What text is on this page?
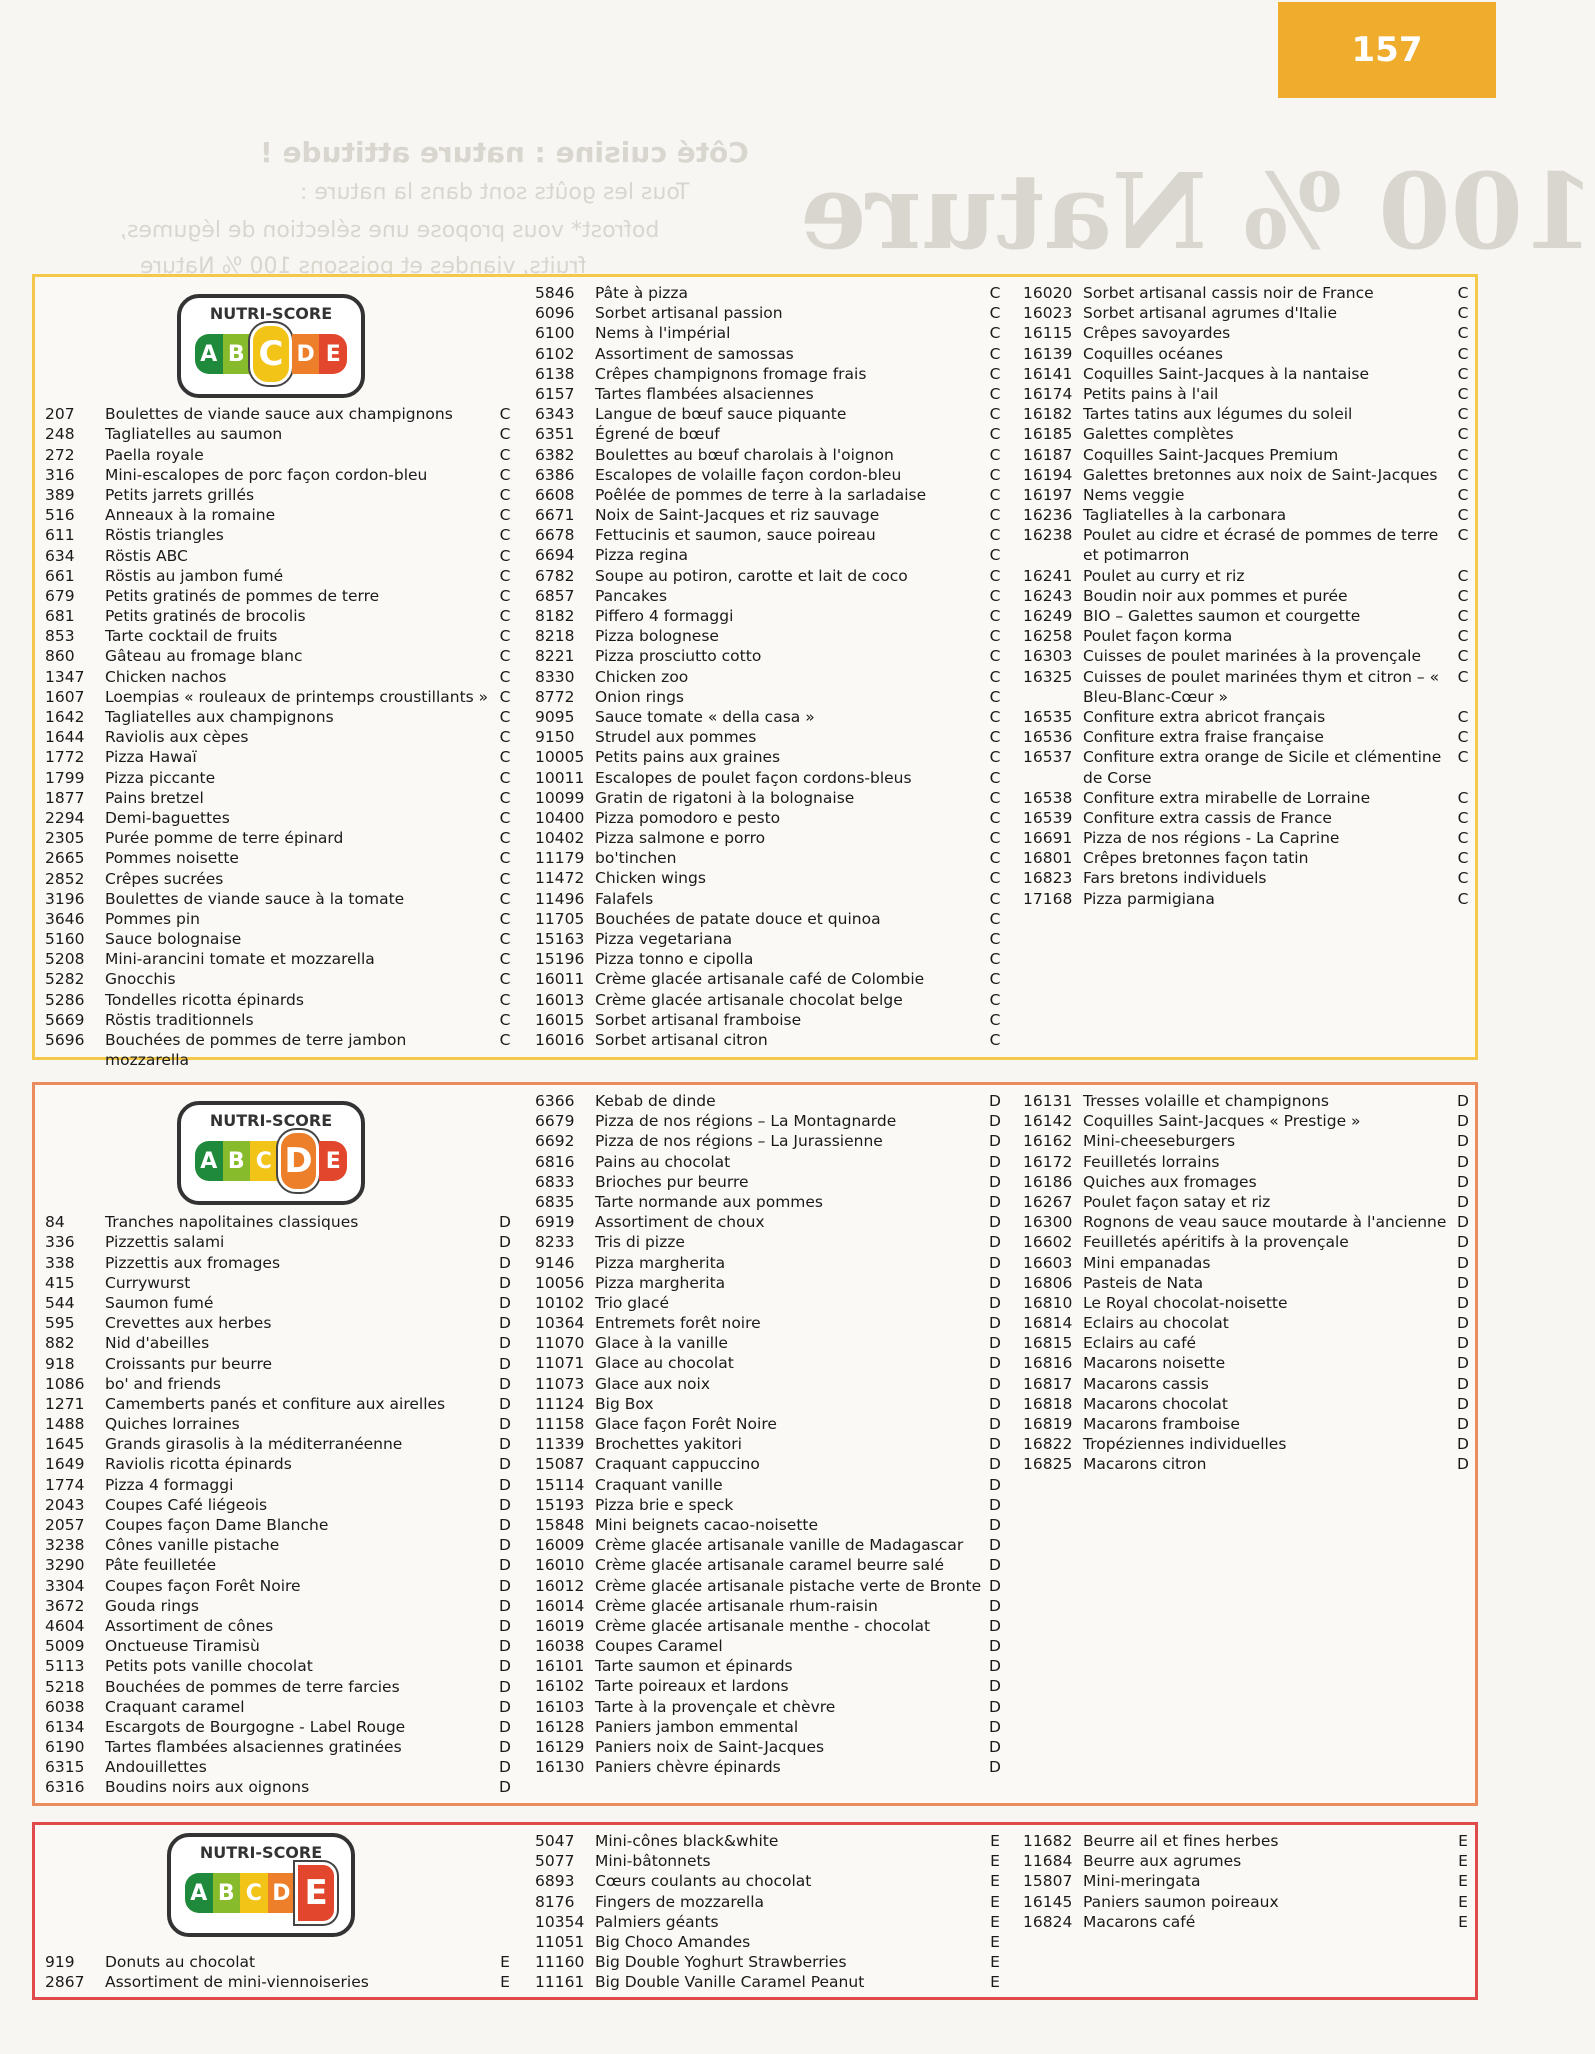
157
100 % Nature
Côté cuisine : nature attitude !
Tous les goûts sont dans la nature :
bofrost* vous propose une sélection de légumes,
fruits, viandes et poissons 100 % Nature
NUTRI-SCORE
A B C D E
207	Boulettes de viande sauce aux champignons	C
248	Tagliatelles au saumon	C
272	Paella royale	C
316	Mini-escalopes de porc façon cordon-bleu	C
389	Petits jarrets grillés	C
516	Anneaux à la romaine	C
611	Röstis triangles	C
634	Röstis ABC	C
661	Röstis au jambon fumé	C
679	Petits gratinés de pommes de terre	C
681	Petits gratinés de brocolis	C
853	Tarte cocktail de fruits	C
860	Gâteau au fromage blanc	C
1347	Chicken nachos	C
1607	Loempias « rouleaux de printemps croustillants » C
1642	Tagliatelles aux champignons	C
1644	Raviolis aux cèpes	C
1772	Pizza Hawaï	C
1799	Pizza piccante	C
1877	Pains bretzel	C
2294	Demi-baguettes	C
2305	Purée pomme de terre épinard	C
2665	Pommes noisette	C
2852	Crêpes sucrées	C
3196	Boulettes de viande sauce à la tomate	C
3646	Pommes pin	C
5160	Sauce bolognaise	C
5208	Mini-arancini tomate et mozzarella	C
5282	Gnocchis	C
5286	Tondelles ricotta épinards	C
5669	Röstis traditionnels	C
5696	Bouchées de pommes de terre jambon mozzarella
C
5846	Pâte à pizza	C
6096	Sorbet artisanal passion	C
6100	Nems à l'impérial	C
6102	Assortiment de samossas	C
6138	Crêpes champignons fromage frais	C
6157	Tartes flambées alsaciennes	C
6343	Langue de bœuf sauce piquante	C
6351	Égrené de bœuf	C
6382	Boulettes au bœuf charolais à l'oignon	C
6386	Escalopes de volaille façon cordon-bleu	C
6608	Poêlée de pommes de terre à la sarladaise	C
6671	Noix de Saint-Jacques et riz sauvage	C
6678	Fettucinis et saumon, sauce poireau	C
6694	Pizza regina	C
6782	Soupe au potiron, carotte et lait de coco	C
6857	Pancakes	C
8182	Piffero 4 formaggi	C
8218	Pizza bolognese	C
8221	Pizza prosciutto cotto	C
8330	Chicken zoo	C
8772	Onion rings	C
9095	Sauce tomate « della casa »	C
9150	Strudel aux pommes	C
10005 Petits pains aux graines	C
10011 Escalopes de poulet façon cordons-bleus	C
10099 Gratin de rigatoni à la bolognaise	C
10400 Pizza pomodoro e pesto	C
10402 Pizza salmone e porro	C
11179 bo'tinchen	C
11472 Chicken wings	C
11496 Falafels	C
11705 Bouchées de patate douce et quinoa	C
15163 Pizza vegetariana	C
15196 Pizza tonno e cipolla	C
16011 Crème glacée artisanale café de Colombie	C
16013 Crème glacée artisanale chocolat belge	C
16015 Sorbet artisanal framboise	C
16016 Sorbet artisanal citron	C
16020 Sorbet artisanal cassis noir de France	C
16023 Sorbet artisanal agrumes d'Italie	C
16115 Crêpes savoyardes	C
16139 Coquilles océanes	C
16141 Coquilles Saint-Jacques à la nantaise	C
16174 Petits pains à l'ail	C
16182 Tartes tatins aux légumes du soleil	C
16185 Galettes complètes	C
16187 Coquilles Saint-Jacques Premium	C
16194 Galettes bretonnes aux noix de Saint-Jacques	C
16197 Nems veggie	C
16236 Tagliatelles à la carbonara	C
16238 Poulet au cidre et écrasé de pommes de terre et potimarron
C
16241 Poulet au curry et riz	C
16243 Boudin noir aux pommes et purée	C
16249 BIO – Galettes saumon et courgette	C
16258 Poulet façon korma	C
16303 Cuisses de poulet marinées à la provençale	C
16325 Cuisses de poulet marinées thym et citron – « Bleu-Blanc-Cœur »
C
16535 Confiture extra abricot français	C
16536 Confiture extra fraise française	C
16537 Confiture extra orange de Sicile et clémentine de Corse
C
16538 Confiture extra mirabelle de Lorraine	C
16539 Confiture extra cassis de France	C
16691 Pizza de nos régions - La Caprine	C
16801 Crêpes bretonnes façon tatin	C
16823 Fars bretons individuels	C
17168 Pizza parmigiana	C
NUTRI-SCORE
A B C D E
84	Tranches napolitaines classiques	D
336	Pizzettis salami	D
338	Pizzettis aux fromages	D
415	Currywurst	D
544	Saumon fumé	D
595	Crevettes aux herbes	D
882	Nid d'abeilles	D
918	Croissants pur beurre	D
1086	bo' and friends	D
1271	Camemberts panés et confiture aux airelles	D
1488	Quiches lorraines	D
1645	Grands girasolis à la méditerranéenne	D
1649	Raviolis ricotta épinards	D
1774	Pizza 4 formaggi	D
2043	Coupes Café liégeois	D
2057	Coupes façon Dame Blanche	D
3238	Cônes vanille pistache	D
3290	Pâte feuilletée	D
3304	Coupes façon Forêt Noire	D
3672	Gouda rings	D
4604	Assortiment de cônes	D
5009	Onctueuse Tiramisù	D
5113	Petits pots vanille chocolat	D
5218	Bouchées de pommes de terre farcies	D
6038	Craquant caramel	D
6134	Escargots de Bourgogne - Label Rouge	D
6190	Tartes flambées alsaciennes gratinées	D
6315	Andouillettes	D
6316	Boudins noirs aux oignons	D
6366	Kebab de dinde	D
6679	Pizza de nos régions – La Montagnarde	D
6692	Pizza de nos régions – La Jurassienne	D
6816	Pains au chocolat	D
6833	Brioches pur beurre	D
6835	Tarte normande aux pommes	D
6919	Assortiment de choux	D
8233	Tris di pizze	D
9146	Pizza margherita	D
10056 Pizza margherita	D
10102 Trio glacé	D
10364 Entremets forêt noire	D
11070 Glace à la vanille	D
11071 Glace au chocolat	D
11073 Glace aux noix	D
11124 Big Box	D
11158 Glace façon Forêt Noire	D
11339 Brochettes yakitori	D
15087 Craquant cappuccino	D
15114 Craquant vanille	D
15193 Pizza brie e speck	D
15848 Mini beignets cacao-noisette	D
16009 Crème glacée artisanale vanille de Madagascar	D
16010 Crème glacée artisanale caramel beurre salé	D
16012 Crème glacée artisanale pistache verte de Bronte D
16014 Crème glacée artisanale rhum-raisin	D
16019 Crème glacée artisanale menthe - chocolat	D
16038 Coupes Caramel	D
16101 Tarte saumon et épinards	D
16102 Tarte poireaux et lardons	D
16103 Tarte à la provençale et chèvre	D
16128 Paniers jambon emmental	D
16129 Paniers noix de Saint-Jacques	D
16130 Paniers chèvre épinards	D
16131 Tresses volaille et champignons	D
16142 Coquilles Saint-Jacques « Prestige »	D
16162 Mini-cheeseburgers	D
16172 Feuilletés lorrains	D
16186 Quiches aux fromages	D
16267 Poulet façon satay et riz	D
16300 Rognons de veau sauce moutarde à l'ancienne D
16602 Feuilletés apéritifs à la provençale	D
16603 Mini empanadas	D
16806 Pasteis de Nata	D
16810 Le Royal chocolat-noisette	D
16814 Eclairs au chocolat	D
16815 Eclairs au café	D
16816 Macarons noisette	D
16817 Macarons cassis	D
16818 Macarons chocolat	D
16819 Macarons framboise	D
16822 Tropéziennes individuelles	D
16825 Macarons citron	D
NUTRI-SCORE
A B C D E
919	Donuts au chocolat	E
2867	Assortiment de mini-viennoiseries	E
5047	Mini-cônes black&white	E
5077	Mini-bâtonnets	E
6893	Cœurs coulants au chocolat	E
8176	Fingers de mozzarella	E
10354 Palmiers géants	E
11051 Big Choco Amandes	E
11160 Big Double Yoghurt Strawberries	E
11161 Big Double Vanille Caramel Peanut	E
11682 Beurre ail et fines herbes	E
11684 Beurre aux agrumes	E
15807 Mini-meringata	E
16145 Paniers saumon poireaux	E
16824 Macarons café	E
